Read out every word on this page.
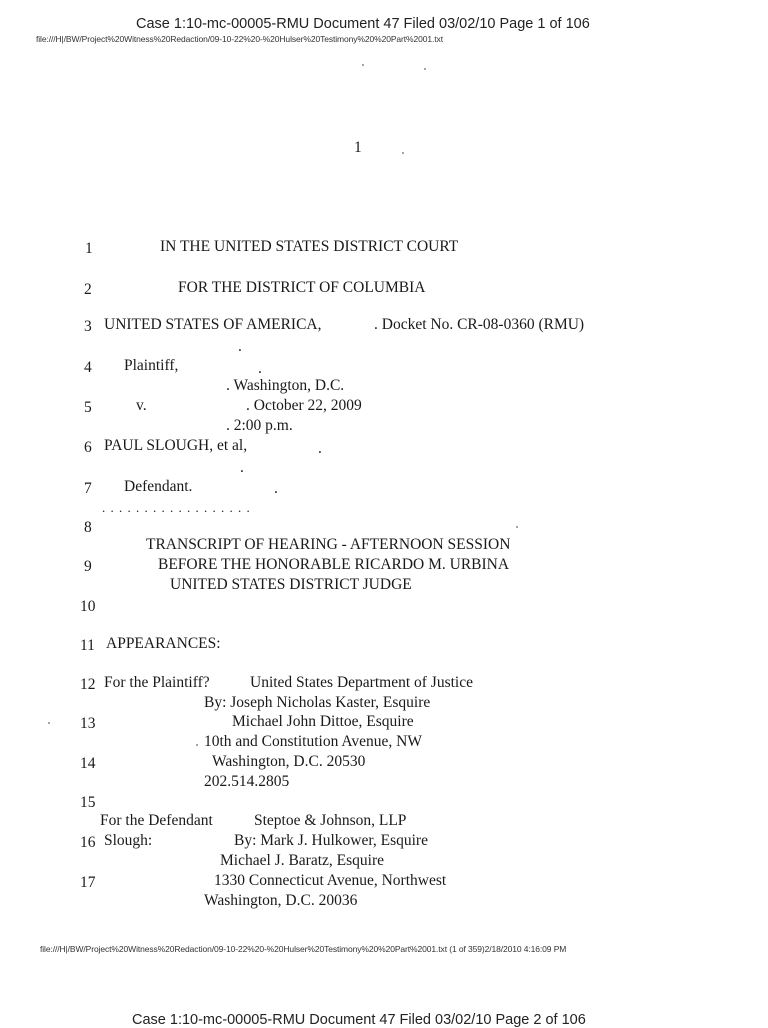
Case 1:10-mc-00005-RMU Document 47 Filed 03/02/10 Page 1 of 106
file:///H|/BW/Project%20Witness%20Redaction/09-10-22%20-%20Hulser%20Testimony%20%20Part%2001.txt
1
1
2
3
4
5
6
7
8
9
10
11
12
13
14
15
16
17
IN THE UNITED STATES DISTRICT COURT
FOR THE DISTRICT OF COLUMBIA
UNITED STATES OF AMERICA,	. Docket No. CR-08-0360 (RMU)
.
Plaintiff,	.
. Washington, D.C.
v.	. October 22, 2009
. 2:00 p.m.
PAUL SLOUGH, et al,	.
.
Defendant.	.
. . . . . . . . . . . . . . . . . .
TRANSCRIPT OF HEARING - AFTERNOON SESSION
BEFORE THE HONORABLE RICARDO M. URBINA
UNITED STATES DISTRICT JUDGE
APPEARANCES:
For the Plaintiff?	United States Department of Justice
By: Joseph Nicholas Kaster, Esquire
Michael John Dittoe, Esquire
10th and Constitution Avenue, NW
Washington, D.C. 20530
202.514.2805
For the Defendant	Steptoe & Johnson, LLP
Slough:	By: Mark J. Hulkower, Esquire
Michael J. Baratz, Esquire
1330 Connecticut Avenue, Northwest
Washington, D.C. 20036
file:///H|/BW/Project%20Witness%20Redaction/09-10-22%20-%20Hulser%20Testimony%20%20Part%2001.txt (1 of 359)2/18/2010 4:16:09 PM
Case 1:10-mc-00005-RMU Document 47 Filed 03/02/10 Page 2 of 106
